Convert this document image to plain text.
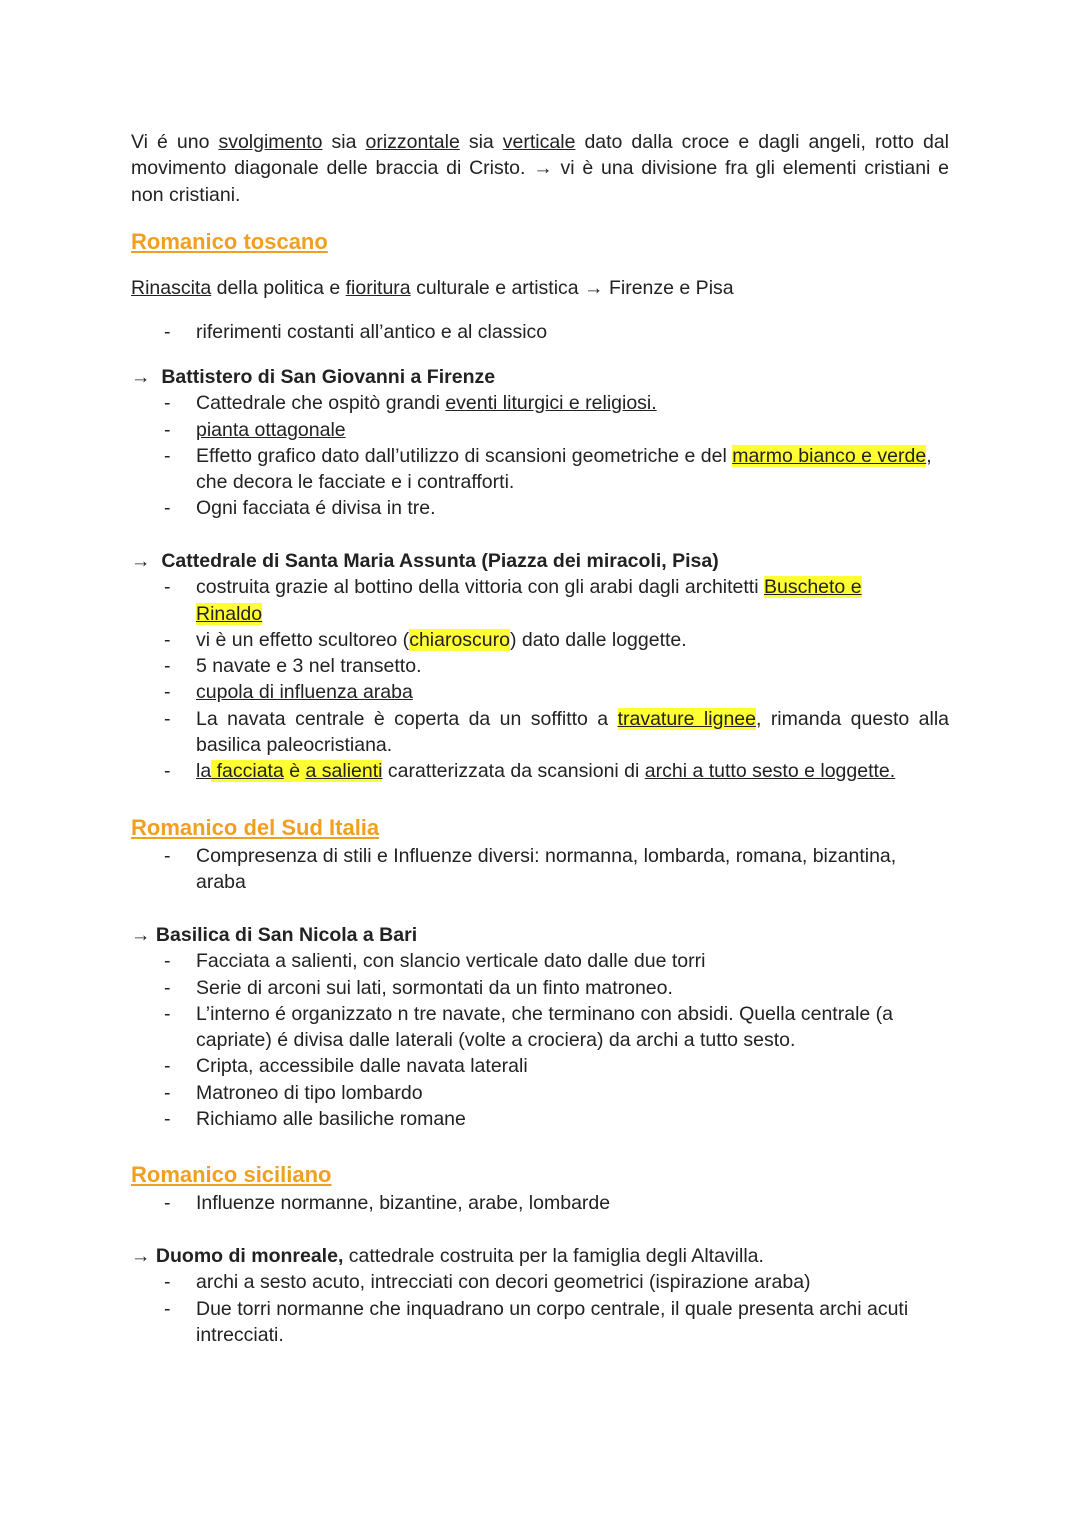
Vi é uno svolgimento sia orizzontale sia verticale dato dalla croce e dagli angeli, rotto dal
movimento diagonale delle braccia di Cristo. → vi è una divisione fra gli elementi cristiani e
non cristiani.
Romanico toscano
Rinascita della politica e fioritura culturale e artistica → Firenze e Pisa
- riferimenti costanti all’antico e al classico
→ Battistero di San Giovanni a Firenze
- Cattedrale che ospitò grandi eventi liturgici e religiosi.
- pianta ottagonale
- Effetto grafico dato dall’utilizzo di scansioni geometriche e del marmo bianco e verde,
che decora le facciate e i contrafforti.
- Ogni facciata é divisa in tre.
→ Cattedrale di Santa Maria Assunta (Piazza dei miracoli, Pisa)
- costruita grazie al bottino della vittoria con gli arabi dagli architetti Buscheto e
Rinaldo
- vi è un effetto scultoreo (chiaroscuro) dato dalle loggette.
- 5 navate e 3 nel transetto.
- cupola di influenza araba
- La navata centrale è coperta da un soffitto a travature lignee, rimanda questo alla
basilica paleocristiana.
- la facciata è a salienti caratterizzata da scansioni di archi a tutto sesto e loggette.
Romanico del Sud Italia
- Compresenza di stili e Influenze diversi: normanna, lombarda, romana, bizantina,
araba
→ Basilica di San Nicola a Bari
- Facciata a salienti, con slancio verticale dato dalle due torri
- Serie di arconi sui lati, sormontati da un finto matroneo.
- L’interno é organizzato n tre navate, che terminano con absidi. Quella centrale (a
capriate) é divisa dalle laterali (volte a crociera) da archi a tutto sesto.
- Cripta, accessibile dalle navata laterali
- Matroneo di tipo lombardo
- Richiamo alle basiliche romane
Romanico siciliano
- Influenze normanne, bizantine, arabe, lombarde
→ Duomo di monreale, cattedrale costruita per la famiglia degli Altavilla.
- archi a sesto acuto, intrecciati con decori geometrici (ispirazione araba)
- Due torri normanne che inquadrano un corpo centrale, il quale presenta archi acuti
intrecciati.
